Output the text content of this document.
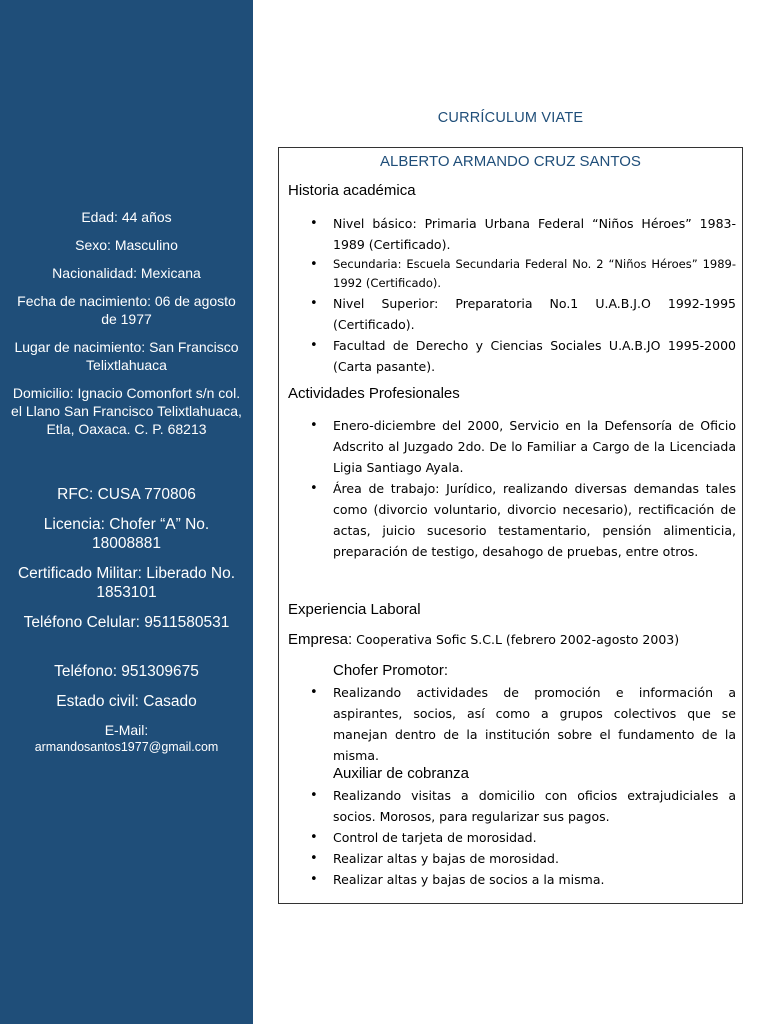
Edad: 44 años
Sexo: Masculino
Nacionalidad: Mexicana
Fecha de nacimiento: 06 de agosto de 1977
Lugar de nacimiento: San Francisco Telixtlahuaca
Domicilio: Ignacio Comonfort s/n col. el Llano San Francisco Telixtlahuaca, Etla, Oaxaca. C. P. 68213
RFC: CUSA 770806
Licencia: Chofer “A” No. 18008881
Certificado Militar: Liberado No. 1853101
Teléfono Celular: 9511580531
Teléfono: 951309675
Estado civil: Casado
E-Mail:
armandosantos1977@gmail.com
CURRÍCULUM VIATE
ALBERTO ARMANDO CRUZ SANTOS
Historia académica
• Nivel básico: Primaria Urbana Federal “Niños Héroes” 1983-1989 (Certificado).
• Secundaria: Escuela Secundaria Federal No. 2 “Niños Héroes” 1989-1992 (Certificado).
• Nivel Superior: Preparatoria No.1 U.A.B.J.O 1992-1995 (Certificado).
• Facultad de Derecho y Ciencias Sociales U.A.B.JO 1995-2000 (Carta pasante).
Actividades Profesionales
• Enero-diciembre del 2000, Servicio en la Defensoría de Oficio Adscrito al Juzgado 2do. De lo Familiar a Cargo de la Licenciada Ligia Santiago Ayala.
• Área de trabajo: Jurídico, realizando diversas demandas tales como (divorcio voluntario, divorcio necesario), rectificación de actas, juicio sucesorio testamentario, pensión alimenticia, preparación de testigo, desahogo de pruebas, entre otros.
Experiencia Laboral
Empresa: Cooperativa Sofic S.C.L (febrero 2002-agosto 2003)
Chofer Promotor:
• Realizando actividades de promoción e información a aspirantes, socios, así como a grupos colectivos que se manejan dentro de la institución sobre el fundamento de la misma.
Auxiliar de cobranza
• Realizando visitas a domicilio con oficios extrajudiciales a socios. Morosos, para regularizar sus pagos.
• Control de tarjeta de morosidad.
• Realizar altas y bajas de morosidad.
• Realizar altas y bajas de socios a la misma.
